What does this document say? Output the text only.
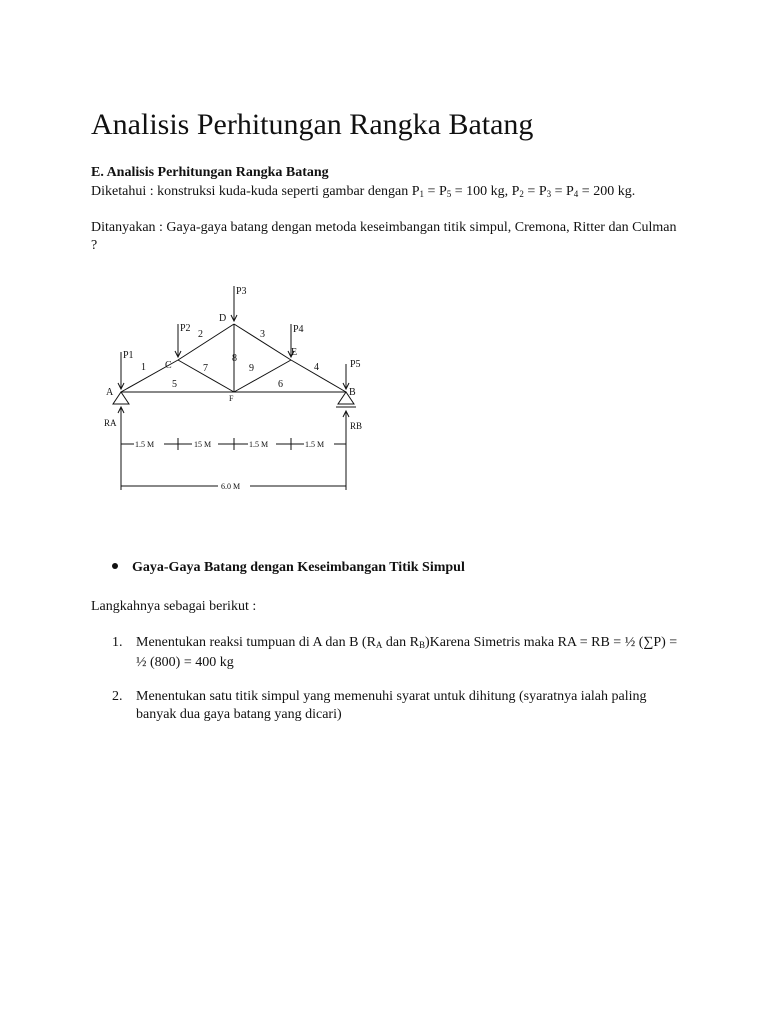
Analisis Perhitungan Rangka Batang

E. Analisis Perhitungan Rangka Batang

Diketahui : konstruksi kuda-kuda seperti gambar dengan $P_1 = P_5 = 100$ kg, $P_2 = P_3 = P_4 = 200$ kg.

Ditanyakan : Gaya-gaya batang dengan metoda keseimbangan titik simpul, Cremona, Ritter dan Culman ?

A	B
C
D
E
F
P1
P2
P3
P4
P5
1
2	3
4
5	6
7
8
9
RA	RB
1.5 M	15 M	1.5 M	1.5 M
6.0 M

Gaya-Gaya Batang dengan Keseimbangan Titik Simpul

Langkahnya sebagai berikut :

1. Menentukan reaksi tumpuan di A dan B ($R_A$ dan $R_B)Karena$ Simetris maka RA = RB = ½ (∑P) = ½ (800) = 400 kg
2. Menentukan satu titik simpul yang memenuhi syarat untuk dihitung (syaratnya ialah paling banyak dua gaya batang yang dicari)
